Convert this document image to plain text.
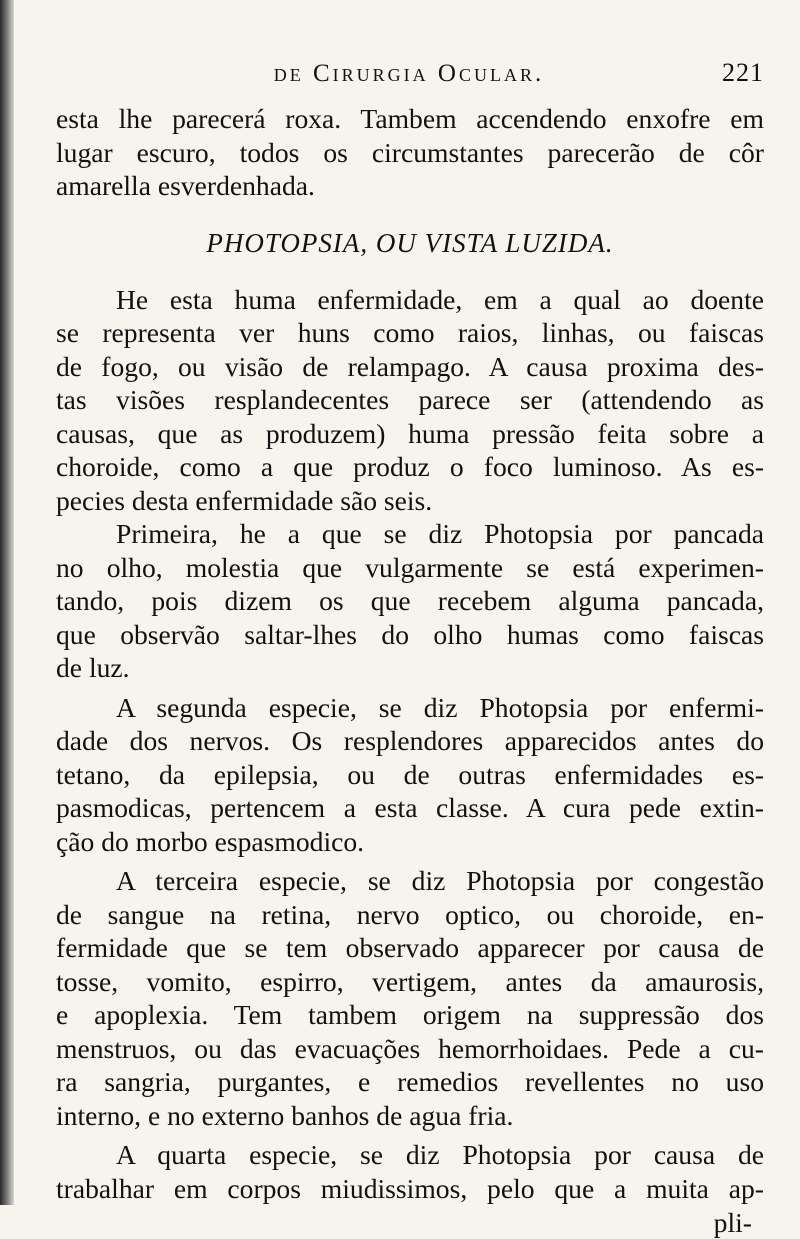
de Cirurgia Ocular.	221
esta lhe parecerá roxa. Tambem accendendo enxofre em
lugar escuro, todos os circumstantes parecerão de côr
amarella esverdenhada.
PHOTOPSIA, OU VISTA LUZIDA.
He esta huma enfermidade, em a qual ao doente
se representa ver huns como raios, linhas, ou faiscas
de fogo, ou visão de relampago. A causa proxima des-
tas visões resplandecentes parece ser (attendendo as
causas, que as produzem) huma pressão feita sobre a
choroide, como a que produz o foco luminoso. As es-
pecies desta enfermidade são seis.
Primeira, he a que se diz Photopsia por pancada
no olho, molestia que vulgarmente se está experimen-
tando, pois dizem os que recebem alguma pancada,
que observão saltar-lhes do olho humas como faiscas
de luz.
A segunda especie, se diz Photopsia por enfermi-
dade dos nervos. Os resplendores apparecidos antes do
tetano, da epilepsia, ou de outras enfermidades es-
pasmodicas, pertencem a esta classe. A cura pede extin-
ção do morbo espasmodico.
A terceira especie, se diz Photopsia por congestão
de sangue na retina, nervo optico, ou choroide, en-
fermidade que se tem observado apparecer por causa de
tosse, vomito, espirro, vertigem, antes da amaurosis,
e apoplexia. Tem tambem origem na suppressão dos
menstruos, ou das evacuações hemorrhoidaes. Pede a cu-
ra sangria, purgantes, e remedios revellentes no uso
interno, e no externo banhos de agua fria.
A quarta especie, se diz Photopsia por causa de
trabalhar em corpos miudissimos, pelo que a muita ap-
pli-
